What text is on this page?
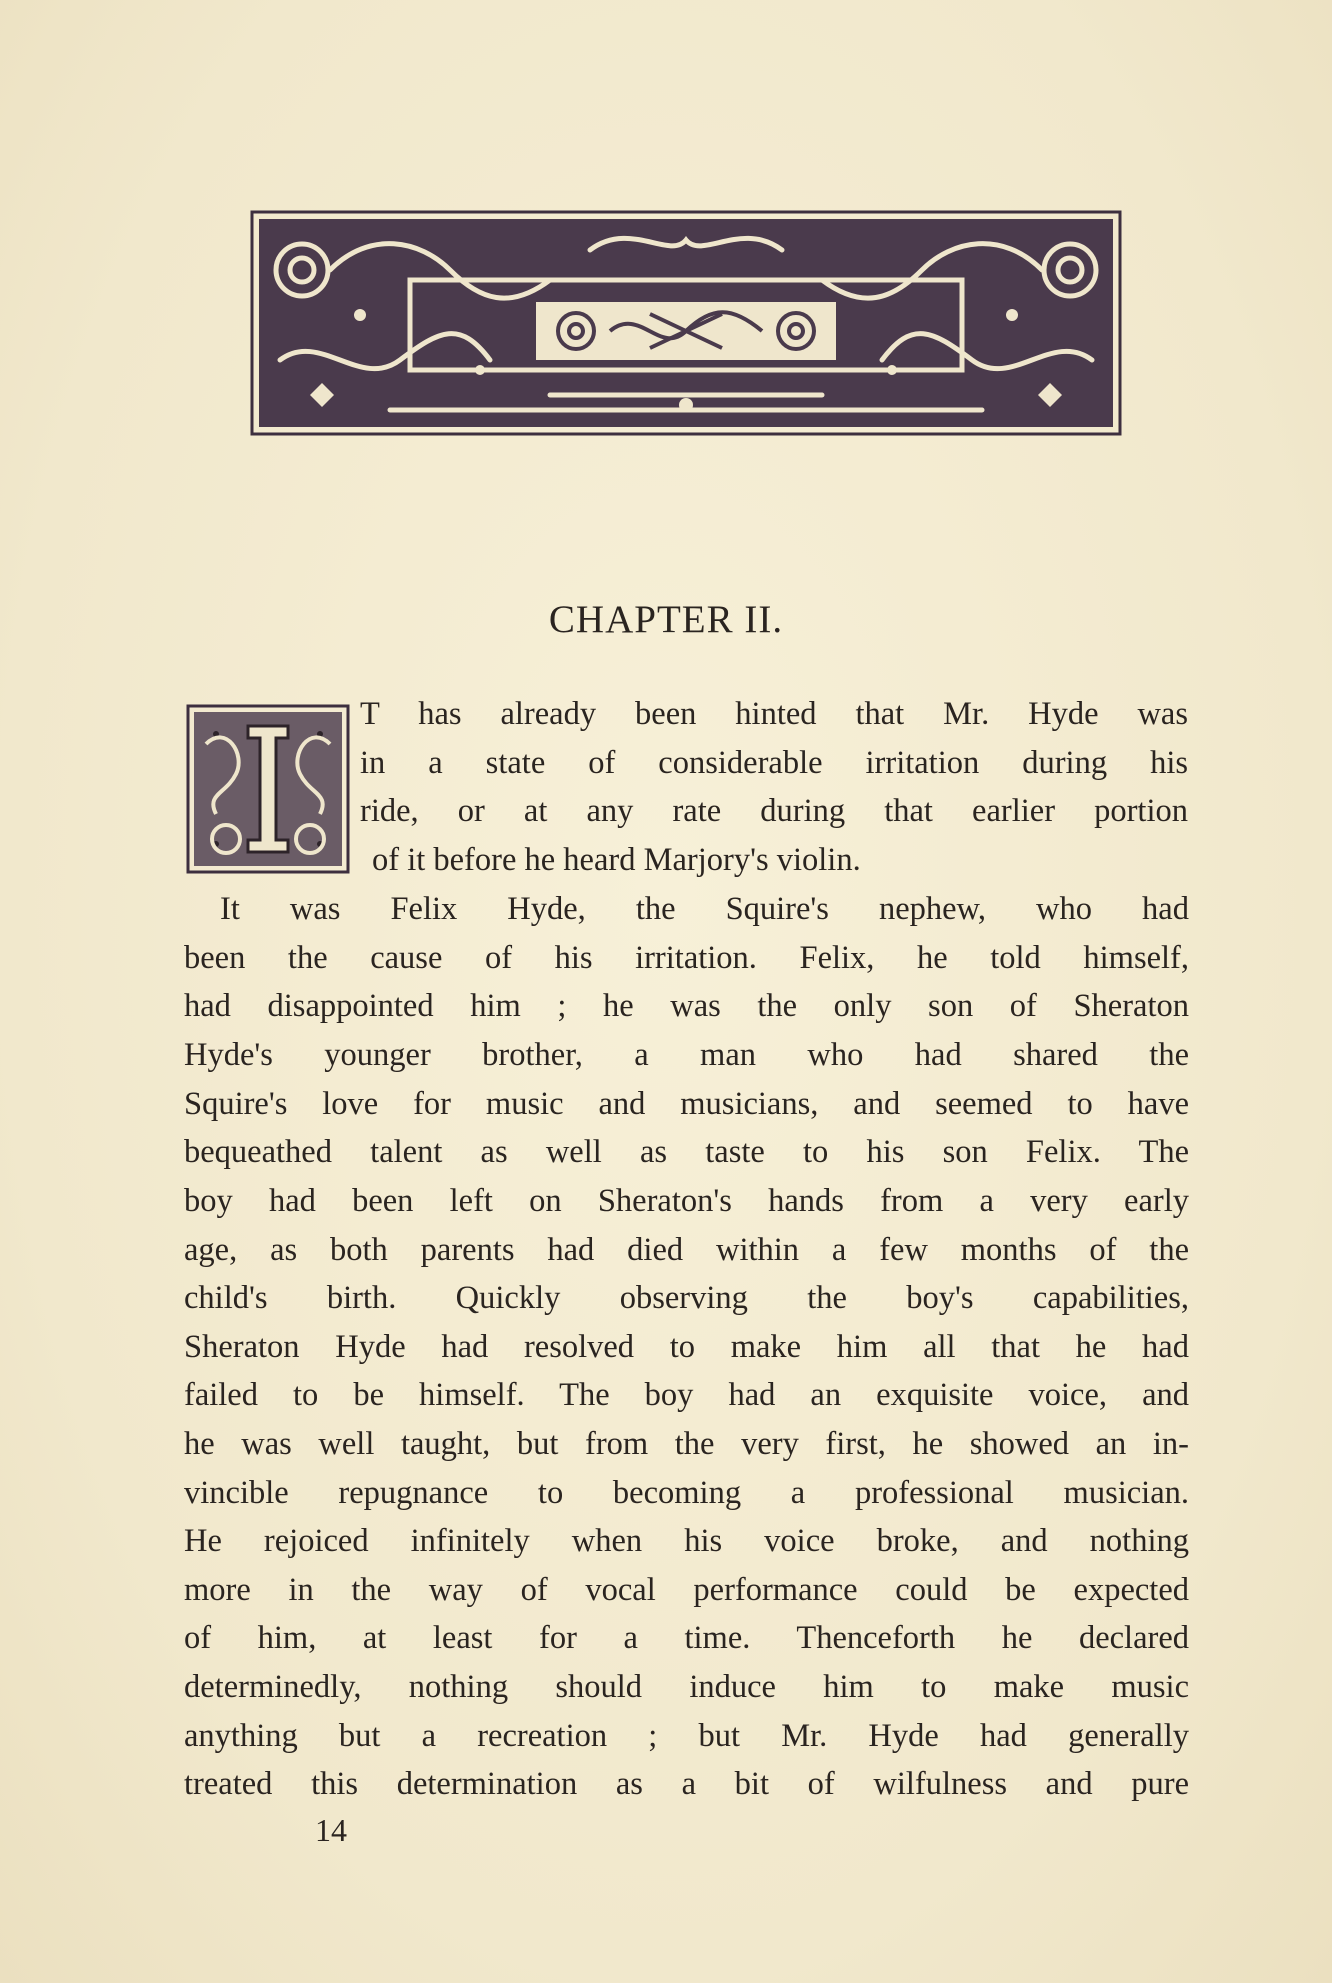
CHAPTER II.
T has already been hinted that Mr. Hyde was
in a state of considerable irritation during his
ride, or at any rate during that earlier portion
of it before he heard Marjory's violin.
It was Felix Hyde, the Squire's nephew, who had
been the cause of his irritation. Felix, he told himself,
had disappointed him ; he was the only son of Sheraton
Hyde's younger brother, a man who had shared the
Squire's love for music and musicians, and seemed to have
bequeathed talent as well as taste to his son Felix. The
boy had been left on Sheraton's hands from a very early
age, as both parents had died within a few months of the
child's birth. Quickly observing the boy's capabilities,
Sheraton Hyde had resolved to make him all that he had
failed to be himself. The boy had an exquisite voice, and
he was well taught, but from the very first, he showed an in-
vincible repugnance to becoming a professional musician.
He rejoiced infinitely when his voice broke, and nothing
more in the way of vocal performance could be expected
of him, at least for a time. Thenceforth he declared
determinedly, nothing should induce him to make music
anything but a recreation ; but Mr. Hyde had generally
treated this determination as a bit of wilfulness and pure
14
